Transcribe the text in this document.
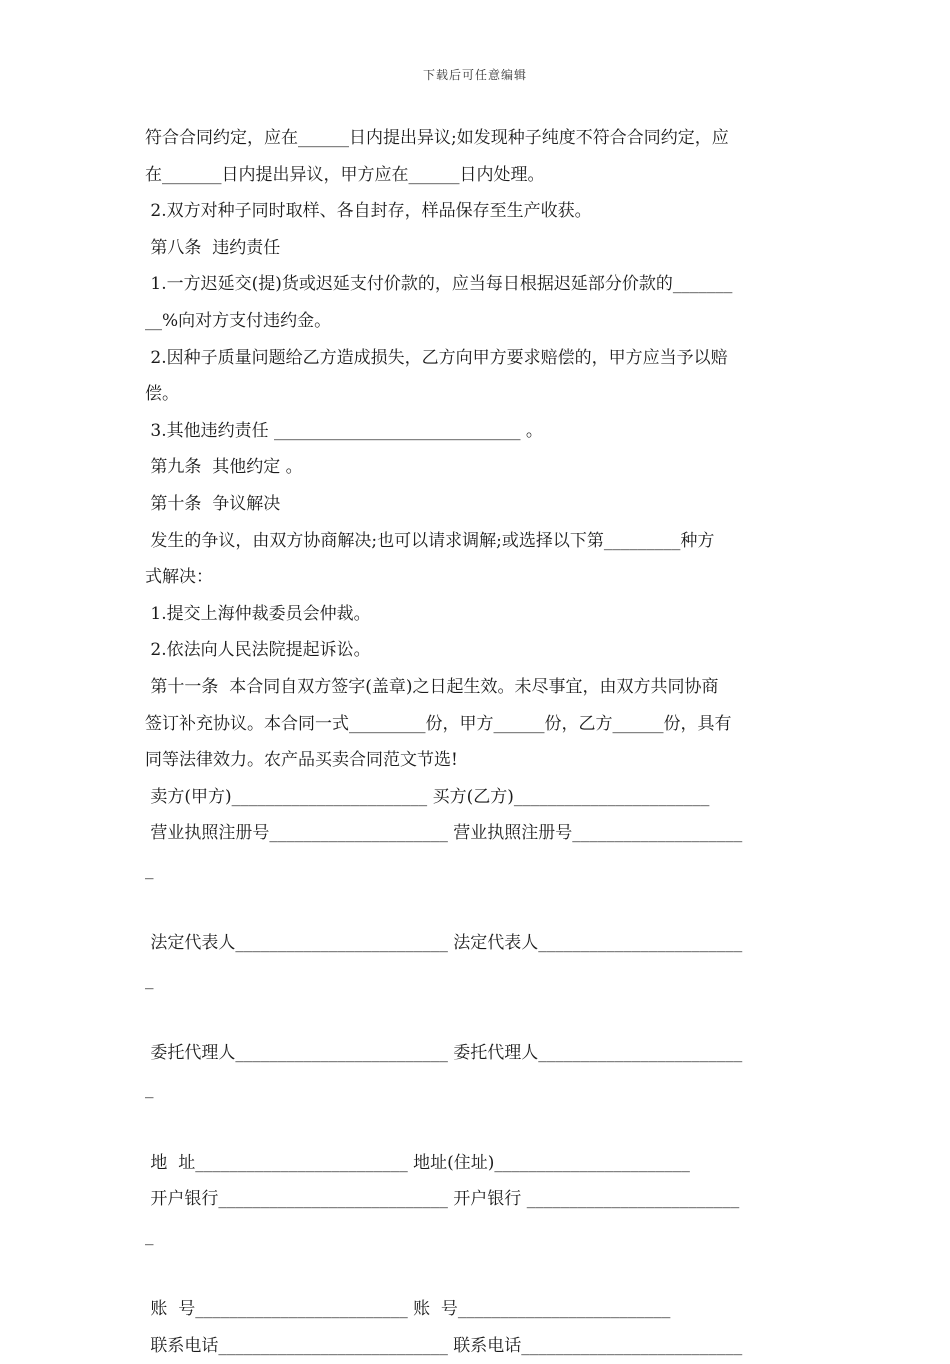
下载后可任意编辑
符合合同约定，应在______日内提出异议;如发现种子纯度不符合合同约定，应
在_______日内提出异议，甲方应在______日内处理。
2.双方对种子同时取样、各自封存，样品保存至生产收获。
第八条  违约责任
1.一方迟延交(提)货或迟延支付价款的，应当每日根据迟延部分价款的_______
__%向对方支付违约金。
2.因种子质量问题给乙方造成损失，乙方向甲方要求赔偿的，甲方应当予以赔
偿。
3.其他违约责任 _____________________________ 。
第九条  其他约定 。
第十条  争议解决
发生的争议，由双方协商解决;也可以请求调解;或选择以下第_________种方
式解决：
1.提交上海仲裁委员会仲裁。
2.依法向人民法院提起诉讼。
第十一条  本合同自双方签字(盖章)之日起生效。未尽事宜，由双方共同协商
签订补充协议。本合同一式_________份，甲方______份，乙方______份，具有
同等法律效力。农产品买卖合同范文节选!
卖方(甲方)_______________________ 买方(乙方)_______________________
营业执照注册号_____________________ 营业执照注册号____________________
_
法定代表人_________________________ 法定代表人________________________
_
委托代理人_________________________ 委托代理人________________________
_
地  址_________________________ 地址(住址)_______________________
开户银行___________________________ 开户银行 _________________________
_
账  号_________________________ 账  号_________________________
联系电话___________________________ 联系电话__________________________
